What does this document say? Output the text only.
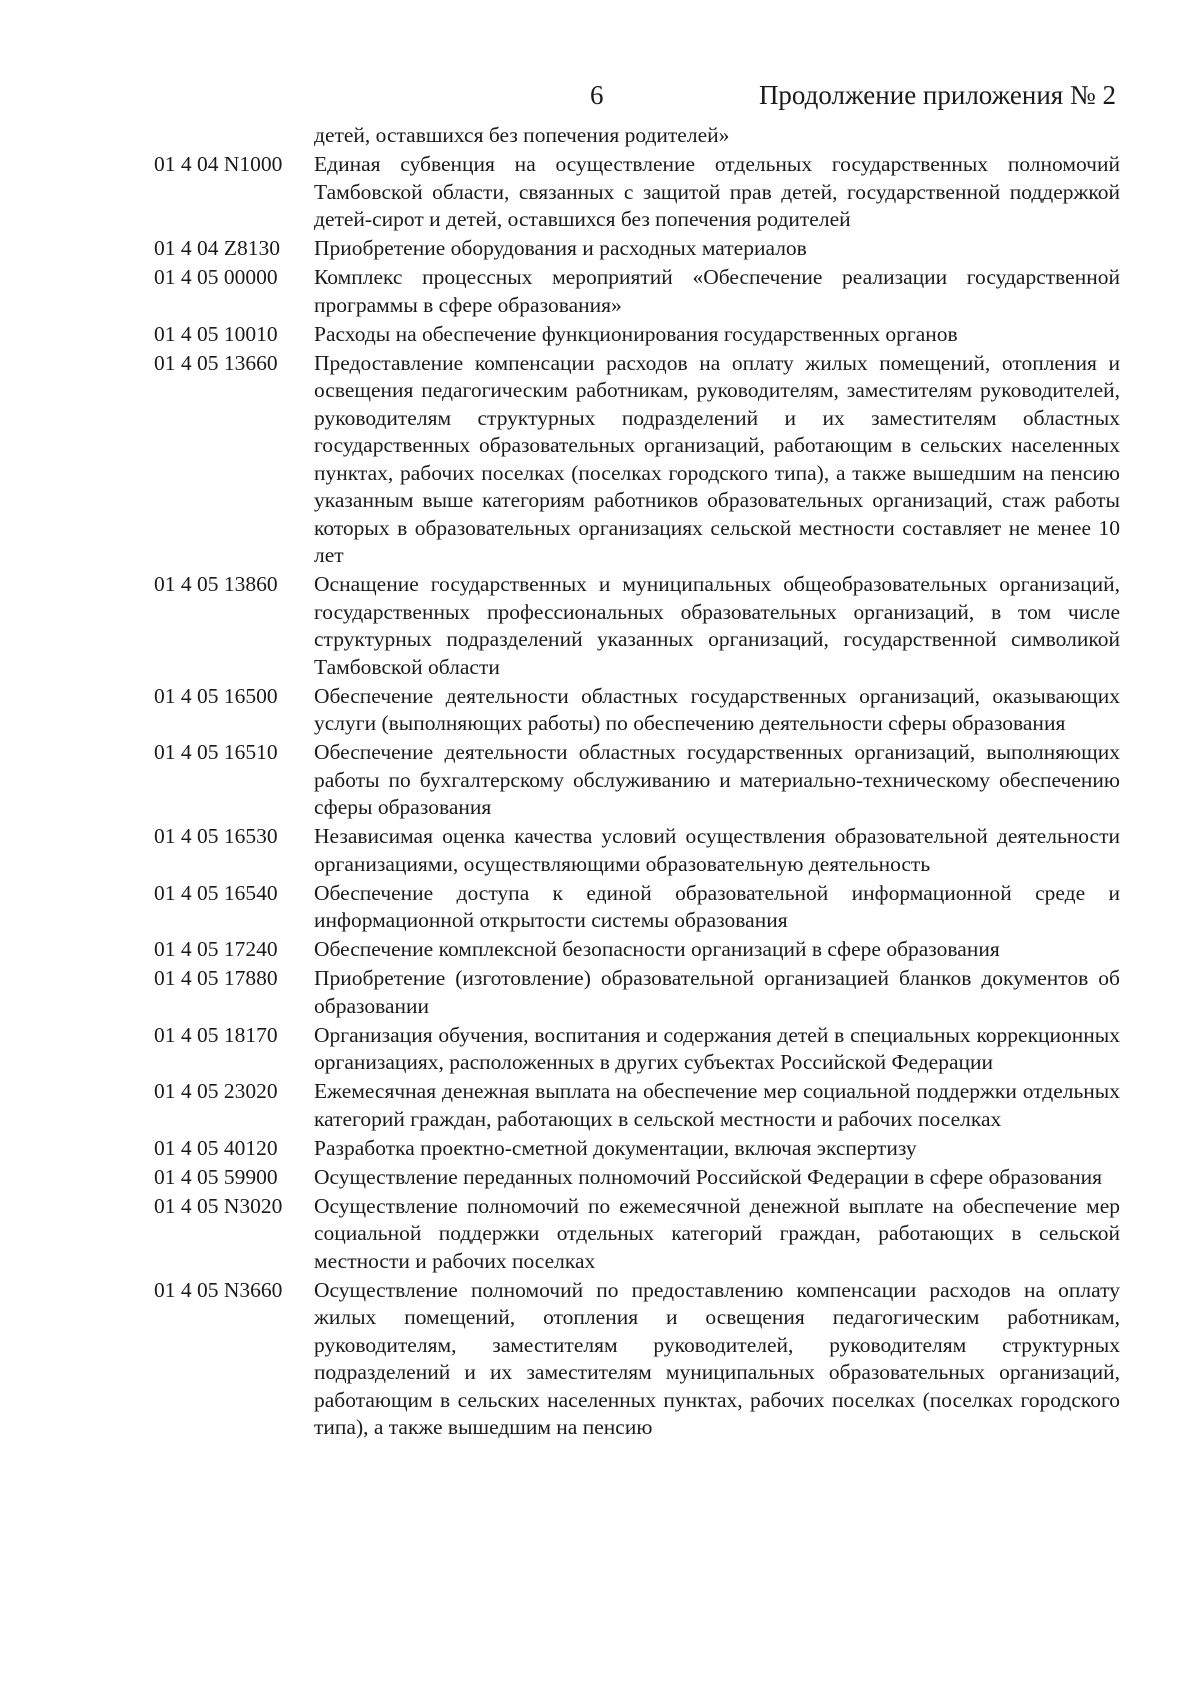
6	Продолжение приложения № 2
детей, оставшихся без попечения родителей»
01 4 04 N1000	Единая субвенция на осуществление отдельных государственных полномочий Тамбовской области, связанных с защитой прав детей, государственной поддержкой детей-сирот и детей, оставшихся без попечения родителей
01 4 04 Z8130	Приобретение оборудования и расходных материалов
01 4 05 00000	Комплекс процессных мероприятий «Обеспечение реализации государственной программы в сфере образования»
01 4 05 10010	Расходы на обеспечение функционирования государственных органов
01 4 05 13660	Предоставление компенсации расходов на оплату жилых помещений, отопления и освещения педагогическим работникам, руководителям, заместителям руководителей, руководителям структурных подразделений и их заместителям областных государственных образовательных организаций, работающим в сельских населенных пунктах, рабочих поселках (поселках городского типа), а также вышедшим на пенсию указанным выше категориям работников образовательных организаций, стаж работы которых в образовательных организациях сельской местности составляет не менее 10 лет
01 4 05 13860	Оснащение государственных и муниципальных общеобразовательных организаций, государственных профессиональных образовательных организаций, в том числе структурных подразделений указанных организаций, государственной символикой Тамбовской области
01 4 05 16500	Обеспечение деятельности областных государственных организаций, оказывающих услуги (выполняющих работы) по обеспечению деятельности сферы образования
01 4 05 16510	Обеспечение деятельности областных государственных организаций, выполняющих работы по бухгалтерскому обслуживанию и материально-техническому обеспечению сферы образования
01 4 05 16530	Независимая оценка качества условий осуществления образовательной деятельности организациями, осуществляющими образовательную деятельность
01 4 05 16540	Обеспечение доступа к единой образовательной информационной среде и информационной открытости системы образования
01 4 05 17240	Обеспечение комплексной безопасности организаций в сфере образования
01 4 05 17880	Приобретение (изготовление) образовательной организацией бланков документов об образовании
01 4 05 18170	Организация обучения, воспитания и содержания детей в специальных коррекционных организациях, расположенных в других субъектах Российской Федерации
01 4 05 23020	Ежемесячная денежная выплата на обеспечение мер социальной поддержки отдельных категорий граждан, работающих в сельской местности и рабочих поселках
01 4 05 40120	Разработка проектно-сметной документации, включая экспертизу
01 4 05 59900	Осуществление переданных полномочий Российской Федерации в сфере образования
01 4 05 N3020	Осуществление полномочий по ежемесячной денежной выплате на обеспечение мер социальной поддержки отдельных категорий граждан, работающих в сельской местности и рабочих поселках
01 4 05 N3660	Осуществление полномочий по предоставлению компенсации расходов на оплату жилых помещений, отопления и освещения педагогическим работникам, руководителям, заместителям руководителей, руководителям структурных подразделений и их заместителям муниципальных образовательных организаций, работающим в сельских населенных пунктах, рабочих поселках (поселках городского типа), а также вышедшим на пенсию
